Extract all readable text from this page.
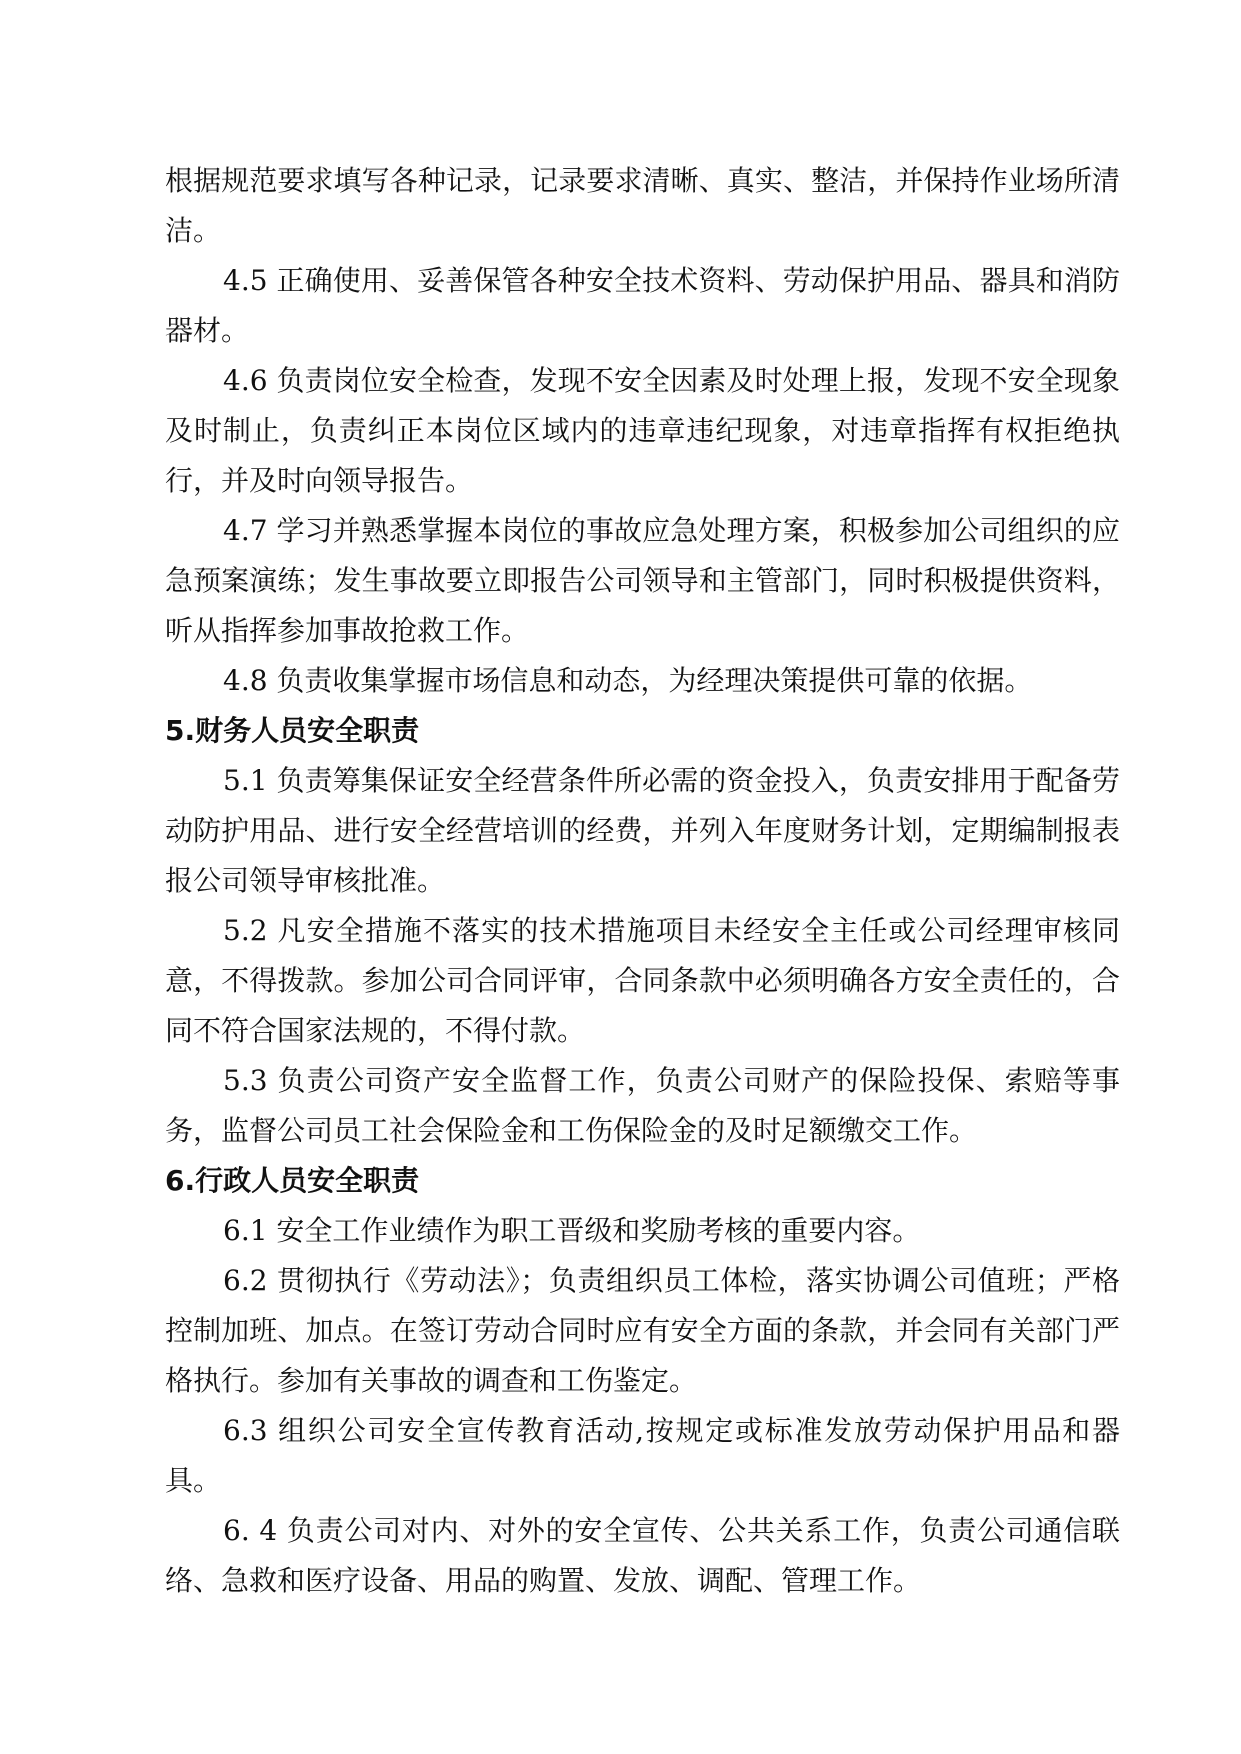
根据规范要求填写各种记录，记录要求清晰、真实、整洁，并保持作业场所清洁。

4.5 正确使用、妥善保管各种安全技术资料、劳动保护用品、器具和消防器材。

4.6 负责岗位安全检查，发现不安全因素及时处理上报，发现不安全现象及时制止，负责纠正本岗位区域内的违章违纪现象，对违章指挥有权拒绝执行，并及时向领导报告。

4.7 学习并熟悉掌握本岗位的事故应急处理方案，积极参加公司组织的应急预案演练；发生事故要立即报告公司领导和主管部门，同时积极提供资料，听从指挥参加事故抢救工作。

4.8 负责收集掌握市场信息和动态，为经理决策提供可靠的依据。

5.财务人员安全职责

5.1 负责筹集保证安全经营条件所必需的资金投入，负责安排用于配备劳动防护用品、进行安全经营培训的经费，并列入年度财务计划，定期编制报表报公司领导审核批准。

5.2 凡安全措施不落实的技术措施项目未经安全主任或公司经理审核同意，不得拨款。参加公司合同评审，合同条款中必须明确各方安全责任的，合同不符合国家法规的，不得付款。

5.3 负责公司资产安全监督工作，负责公司财产的保险投保、索赔等事务，监督公司员工社会保险金和工伤保险金的及时足额缴交工作。

6.行政人员安全职责

6.1 安全工作业绩作为职工晋级和奖励考核的重要内容。

6.2 贯彻执行《劳动法》；负责组织员工体检，落实协调公司值班；严格控制加班、加点。在签订劳动合同时应有安全方面的条款，并会同有关部门严格执行。参加有关事故的调查和工伤鉴定。

6.3 组织公司安全宣传教育活动,按规定或标准发放劳动保护用品和器具。

6. 4 负责公司对内、对外的安全宣传、公共关系工作，负责公司通信联络、急救和医疗设备、用品的购置、发放、调配、管理工作。
